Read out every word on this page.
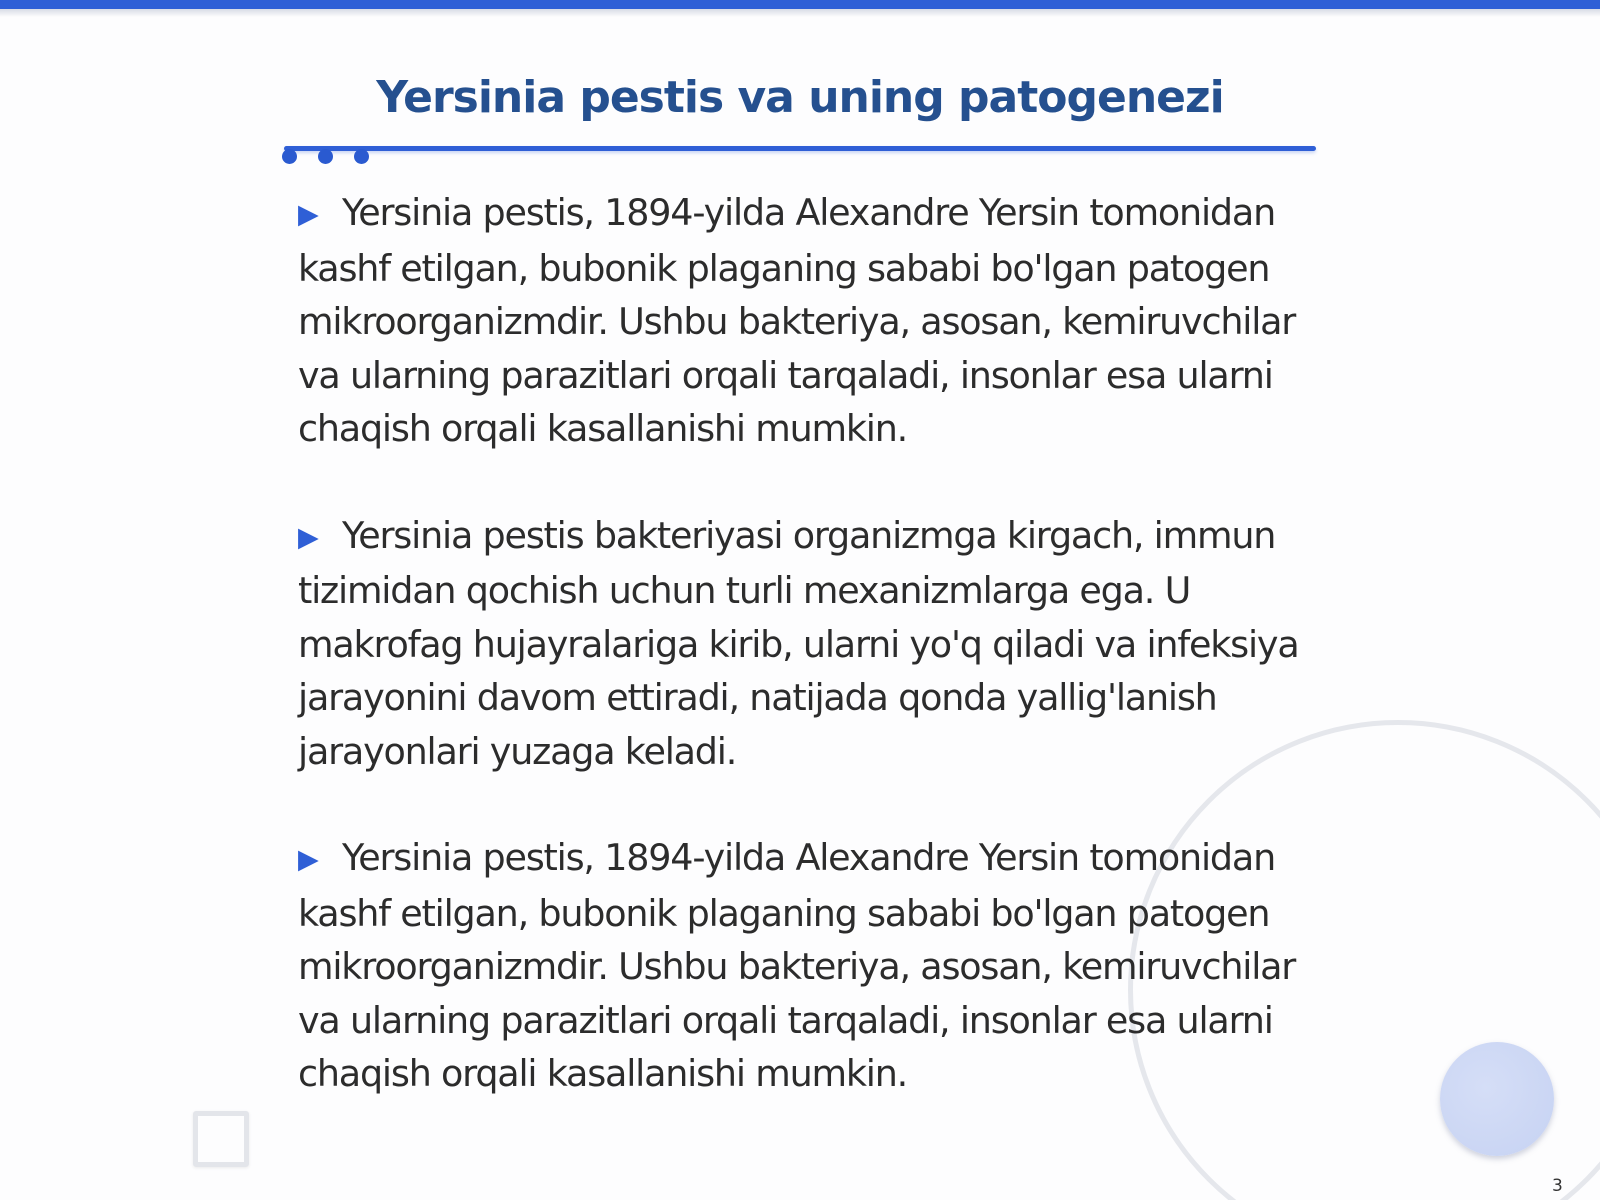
Yersinia pestis va uning patogenezi

▶ Yersinia pestis, 1894-yilda Alexandre Yersin tomonidan kashf etilgan, bubonik plaganing sababi bo'lgan patogen mikroorganizmdir. Ushbu bakteriya, asosan, kemiruvchilar va ularning parazitlari orqali tarqaladi, insonlar esa ularni chaqish orqali kasallanishi mumkin.

▶ Yersinia pestis bakteriyasi organizmga kirgach, immun tizimidan qochish uchun turli mexanizmlarga ega. U makrofag hujayralariga kirib, ularni yo'q qiladi va infeksiya jarayonini davom ettiradi, natijada qonda yallig'lanish jarayonlari yuzaga keladi.

▶ Yersinia pestis, 1894-yilda Alexandre Yersin tomonidan kashf etilgan, bubonik plaganing sababi bo'lgan patogen mikroorganizmdir. Ushbu bakteriya, asosan, kemiruvchilar va ularning parazitlari orqali tarqaladi, insonlar esa ularni chaqish orqali kasallanishi mumkin.

3
